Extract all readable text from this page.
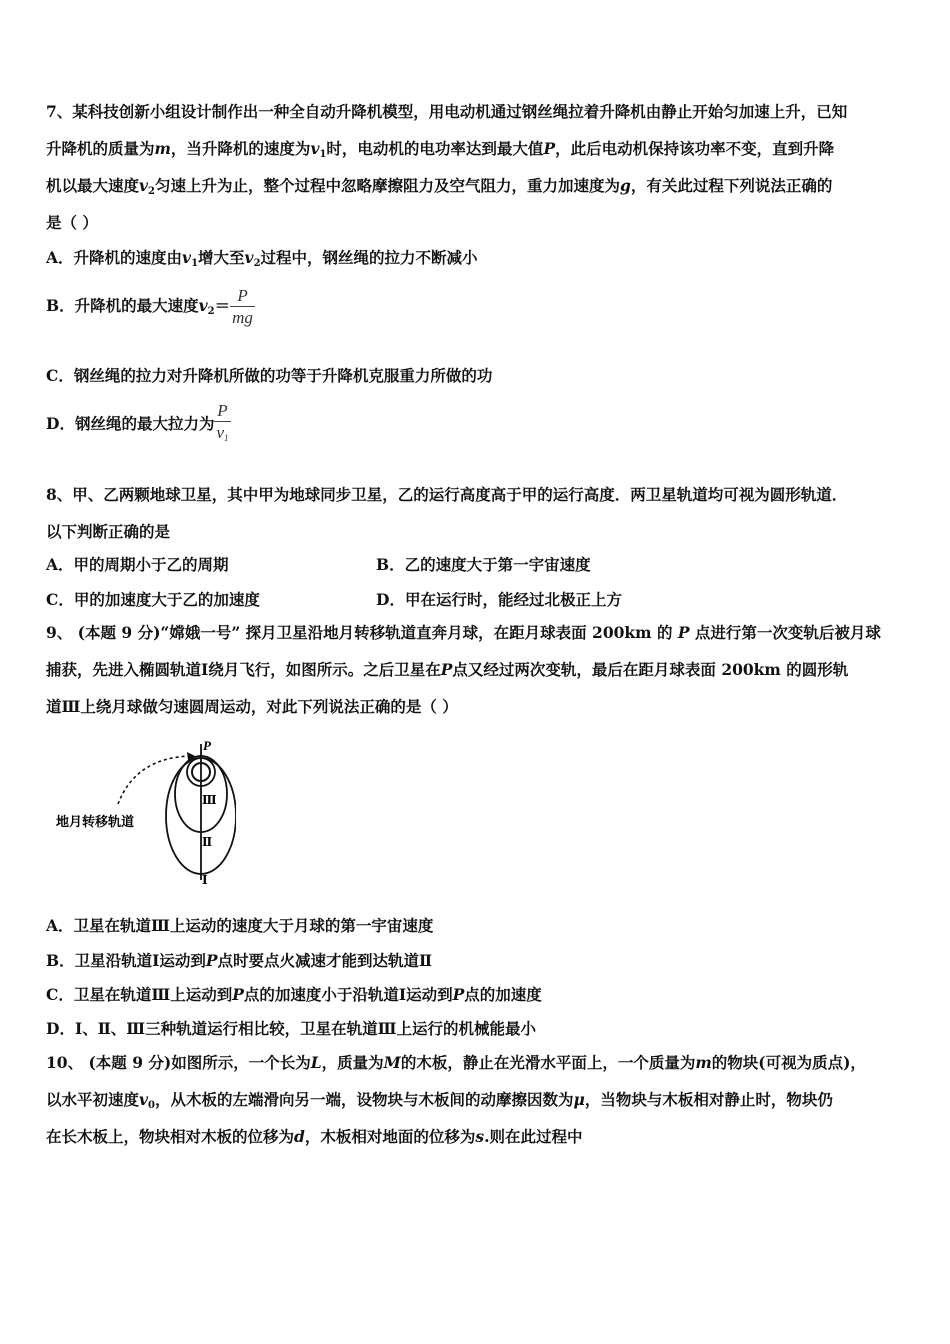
7、某科技创新小组设计制作出一种全自动升降机模型，用电动机通过钢丝绳拉着升降机由静止开始匀加速上升，已知
升降机的质量为m，当升降机的速度为$v_1$时，电动机的电功率达到最大值P，此后电动机保持该功率不变，直到升降
机以最大速度$v_2$匀速上升为止，整个过程中忽略摩擦阻力及空气阻力，重力加速度为g，有关此过程下列说法正确的
是（ ）
A．升降机的速度由$v_1$增大至$v_2$过程中，钢丝绳的拉力不断减小
B．升降机的最大速度$v_2= \frac{P}{mg}$
C．钢丝绳的拉力对升降机所做的功等于升降机克服重力所做的功
D．钢丝绳的最大拉力为 $\frac{P}{v_1}$
8、甲、乙两颗地球卫星，其中甲为地球同步卫星，乙的运行高度高于甲的运行高度．两卫星轨道均可视为圆形轨道．
以下判断正确的是
A．甲的周期小于乙的周期	B．乙的速度大于第一宇宙速度
C．甲的加速度大于乙的加速度	D．甲在运行时，能经过北极正上方
9、 (本题 9 分)“嫦娥一号” 探月卫星沿地月转移轨道直奔月球，在距月球表面 200km 的 P 点进行第一次变轨后被月球
捕获，先进入椭圆轨道Ⅰ绕月飞行，如图所示。之后卫星在P点又经过两次变轨，最后在距月球表面 200km 的圆形轨
道Ⅲ上绕月球做匀速圆周运动，对此下列说法正确的是（ ）
P
Ⅲ
Ⅱ
Ⅰ
地月转移轨道
A．卫星在轨道Ⅲ上运动的速度大于月球的第一宇宙速度
B．卫星沿轨道Ⅰ运动到P点时要点火减速才能到达轨道Ⅱ
C．卫星在轨道Ⅲ上运动到P点的加速度小于沿轨道Ⅰ运动到P点的加速度
D．Ⅰ、Ⅱ、Ⅲ三种轨道运行相比较，卫星在轨道Ⅲ上运行的机械能最小
10、 (本题 9 分)如图所示，一个长为L，质量为M的木板，静止在光滑水平面上，一个质量为m的物块(可视为质点)，
以水平初速度$v_0$，从木板的左端滑向另一端，设物块与木板间的动摩擦因数为μ，当物块与木板相对静止时，物块仍
在长木板上，物块相对木板的位移为d，木板相对地面的位移为s.则在此过程中
